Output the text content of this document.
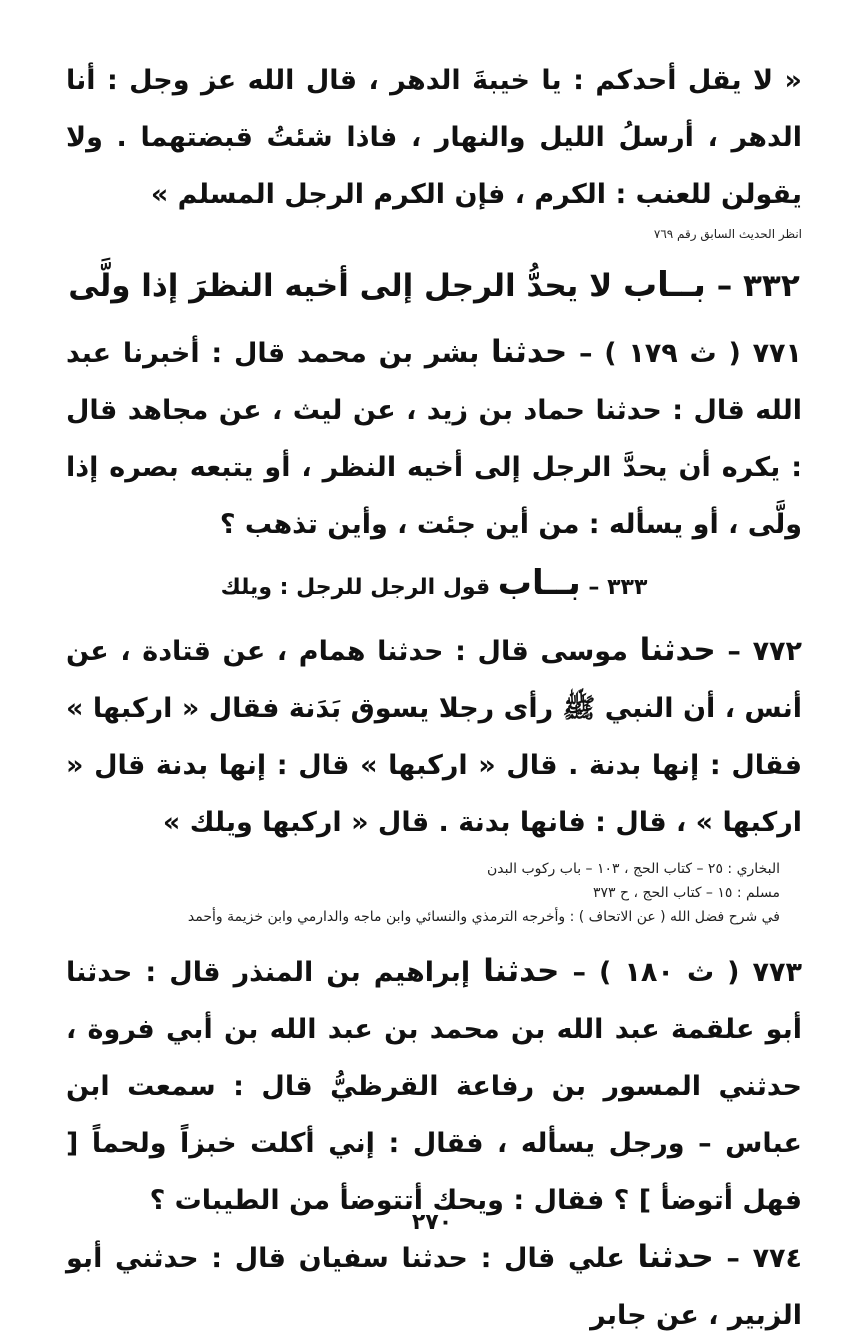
« لا يقل أحدكم : يا خيبةَ الدهر ، قال الله عز وجل : أنا الدهر ، أرسلُ الليل والنهار ، فاذا شئتُ قبضتهما . ولا يقولن للعنب : الكرم ، فإن الكرم الرجل المسلم »

انظر الحديث السابق رقم ٧٦٩
٣٣٢ – بــاب لا يحدُّ الرجل إلى أخيه النظرَ إذا ولَّى

٧٧١ ( ث ١٧٩ ) – حدثنا بشر بن محمد قال : أخبرنا عبد الله قال : حدثنا حماد بن زيد ، عن ليث ، عن مجاهد قال : يكره أن يحدَّ الرجل إلى أخيه النظر ، أو يتبعه بصره إذا ولَّى ، أو يسأله : من أين جئت ، وأين تذهب ؟

٣٣٣ – بــاب قول الرجل للرجل : ويلك

٧٧٢ – حدثنا موسى قال : حدثنا همام ، عن قتادة ، عن أنس ، أن النبي ﷺ رأى رجلا يسوق بَدَنة فقال « اركبها » فقال : إنها بدنة . قال « اركبها » قال : إنها بدنة قال « اركبها » ، قال : فانها بدنة . قال « اركبها ويلك »

البخاري : ٢٥ – كتاب الحج ، ١٠٣ – باب ركوب البدن
مسلم : ١٥ – كتاب الحج ، ح ٣٧٣
في شرح فضل الله ( عن الاتحاف ) : وأخرجه الترمذي والنسائي وابن ماجه والدارمي وابن خزيمة وأحمد

٧٧٣ ( ث ١٨٠ ) – حدثنا إبراهيم بن المنذر قال : حدثنا أبو علقمة عبد الله بن محمد بن عبد الله بن أبي فروة ، حدثني المسور بن رفاعة القرظيُّ قال : سمعت ابن عباس – ورجل يسأله ، فقال : إني أكلت خبزاً ولحماً [ فهل أتوضأ ] ؟ فقال : ويحك أتتوضأ من الطيبات ؟

٧٧٤ – حدثنا علي قال : حدثنا سفيان قال : حدثني أبو الزبير ، عن جابر

٢٧٠
